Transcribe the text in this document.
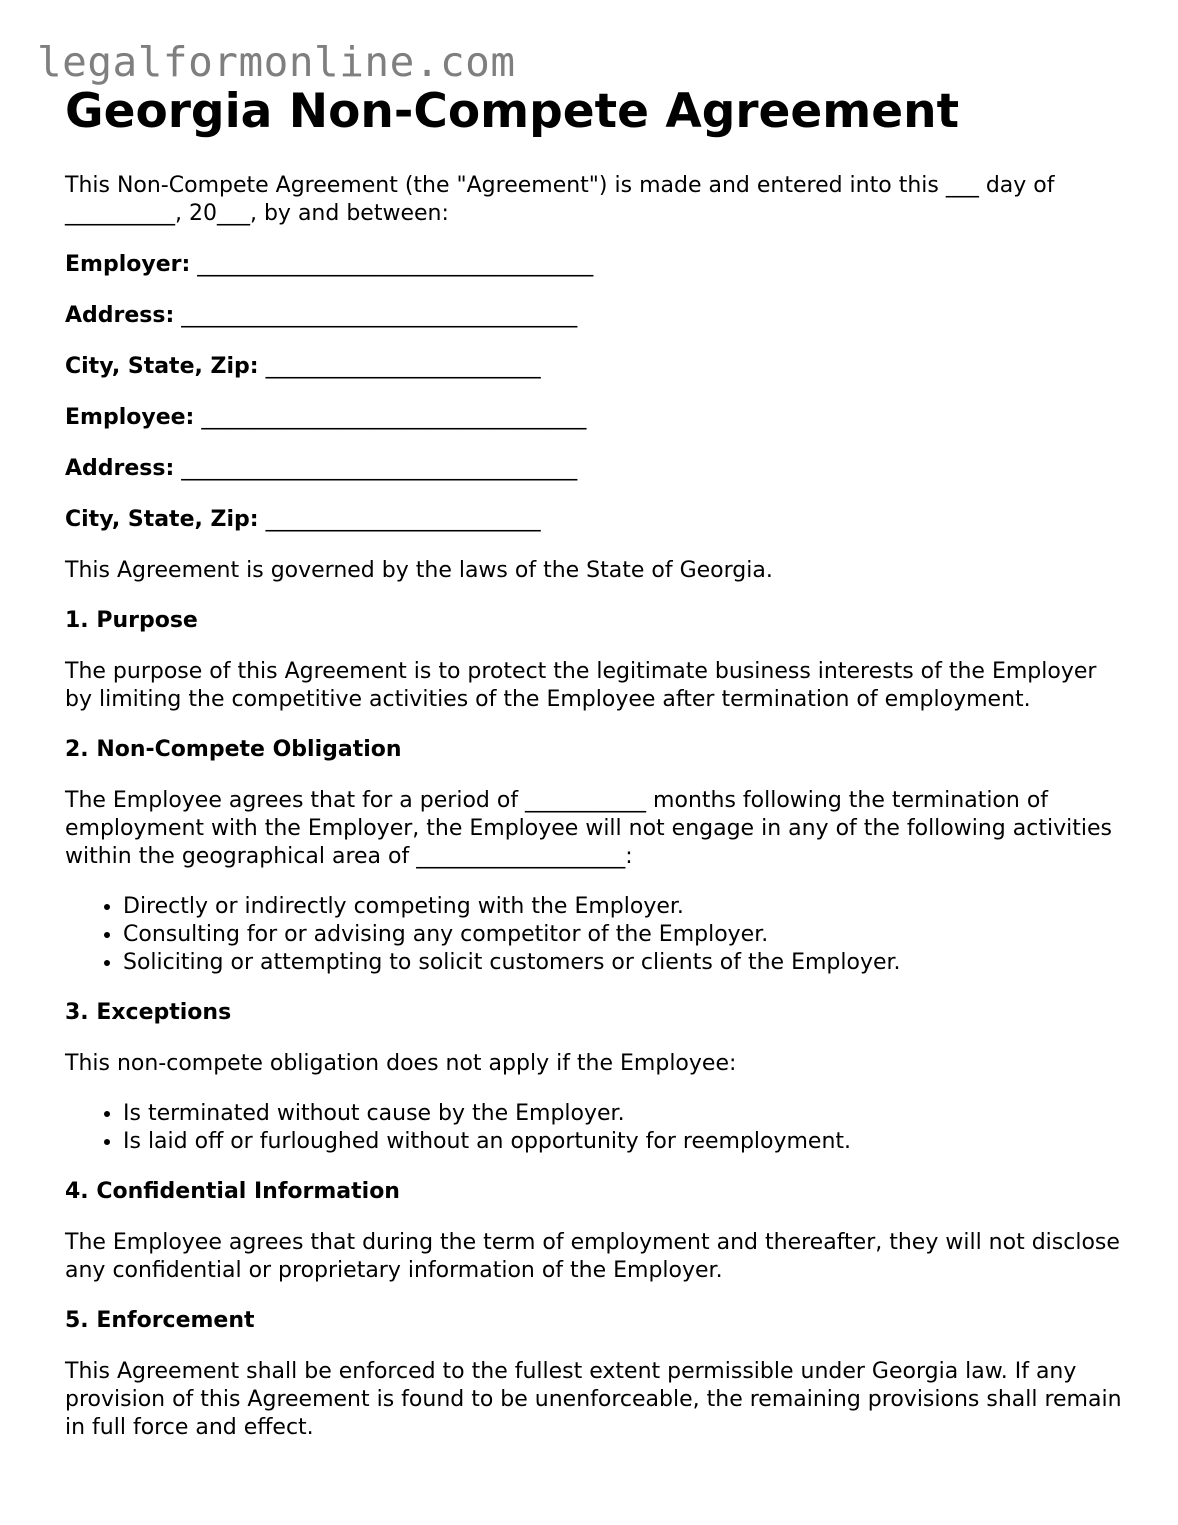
legalformonline.com
Georgia Non-Compete Agreement

This Non-Compete Agreement (the "Agreement") is made and entered into this ___ day of __________, 20___, by and between:

Employer: ____________________________________
Address: ____________________________________
City, State, Zip: _________________________
Employee: ___________________________________
Address: ____________________________________
City, State, Zip: _________________________

This Agreement is governed by the laws of the State of Georgia.

1. Purpose

The purpose of this Agreement is to protect the legitimate business interests of the Employer by limiting the competitive activities of the Employee after termination of employment.

2. Non-Compete Obligation

The Employee agrees that for a period of ___________ months following the termination of employment with the Employer, the Employee will not engage in any of the following activities within the geographical area of ___________________:

• Directly or indirectly competing with the Employer.
• Consulting for or advising any competitor of the Employer.
• Soliciting or attempting to solicit customers or clients of the Employer.
3. Exceptions

This non-compete obligation does not apply if the Employee:

• Is terminated without cause by the Employer.
• Is laid off or furloughed without an opportunity for reemployment.
4. Confidential Information

The Employee agrees that during the term of employment and thereafter, they will not disclose any confidential or proprietary information of the Employer.

5. Enforcement

This Agreement shall be enforced to the fullest extent permissible under Georgia law. If any provision of this Agreement is found to be unenforceable, the remaining provisions shall remain in full force and effect.
